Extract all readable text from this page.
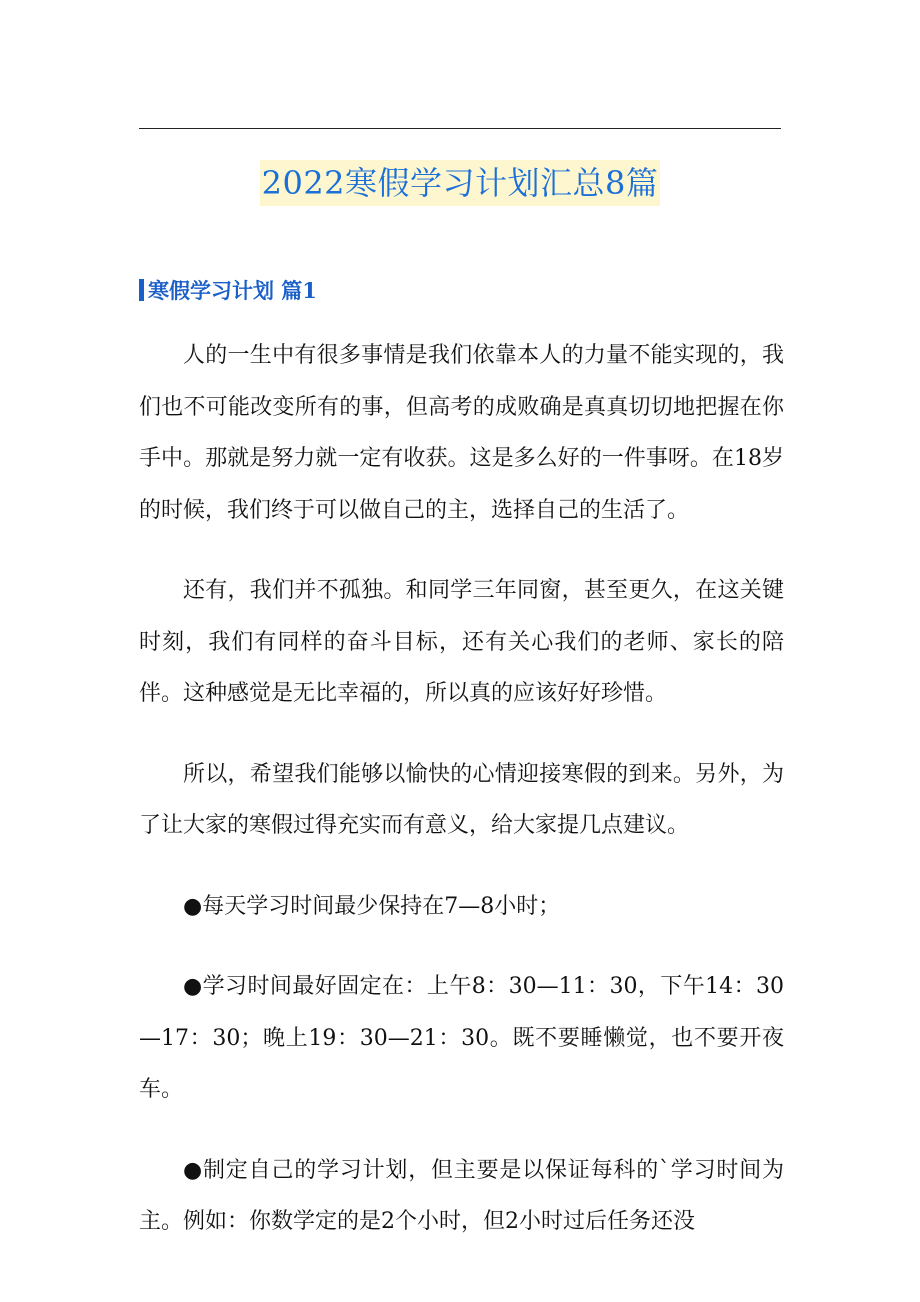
2022寒假学习计划汇总8篇
寒假学习计划 篇1

人的一生中有很多事情是我们依靠本人的力量不能实现的，我们也不可能改变所有的事，但高考的成败确是真真切切地把握在你手中。那就是努力就一定有收获。这是多么好的一件事呀。在18岁的时候，我们终于可以做自己的主，选择自己的生活了。

还有，我们并不孤独。和同学三年同窗，甚至更久，在这关键时刻，我们有同样的奋斗目标，还有关心我们的老师、家长的陪伴。这种感觉是无比幸福的，所以真的应该好好珍惜。

所以，希望我们能够以愉快的心情迎接寒假的到来。另外，为了让大家的寒假过得充实而有意义，给大家提几点建议。

●每天学习时间最少保持在7—8小时；

●学习时间最好固定在：上午8：30—11：30，下午14：30—17：30；晚上19：30—21：30。既不要睡懒觉，也不要开夜车。

●制定自己的学习计划，但主要是以保证每科的`学习时间为主。例如：你数学定的是2个小时，但2小时过后任务还没
